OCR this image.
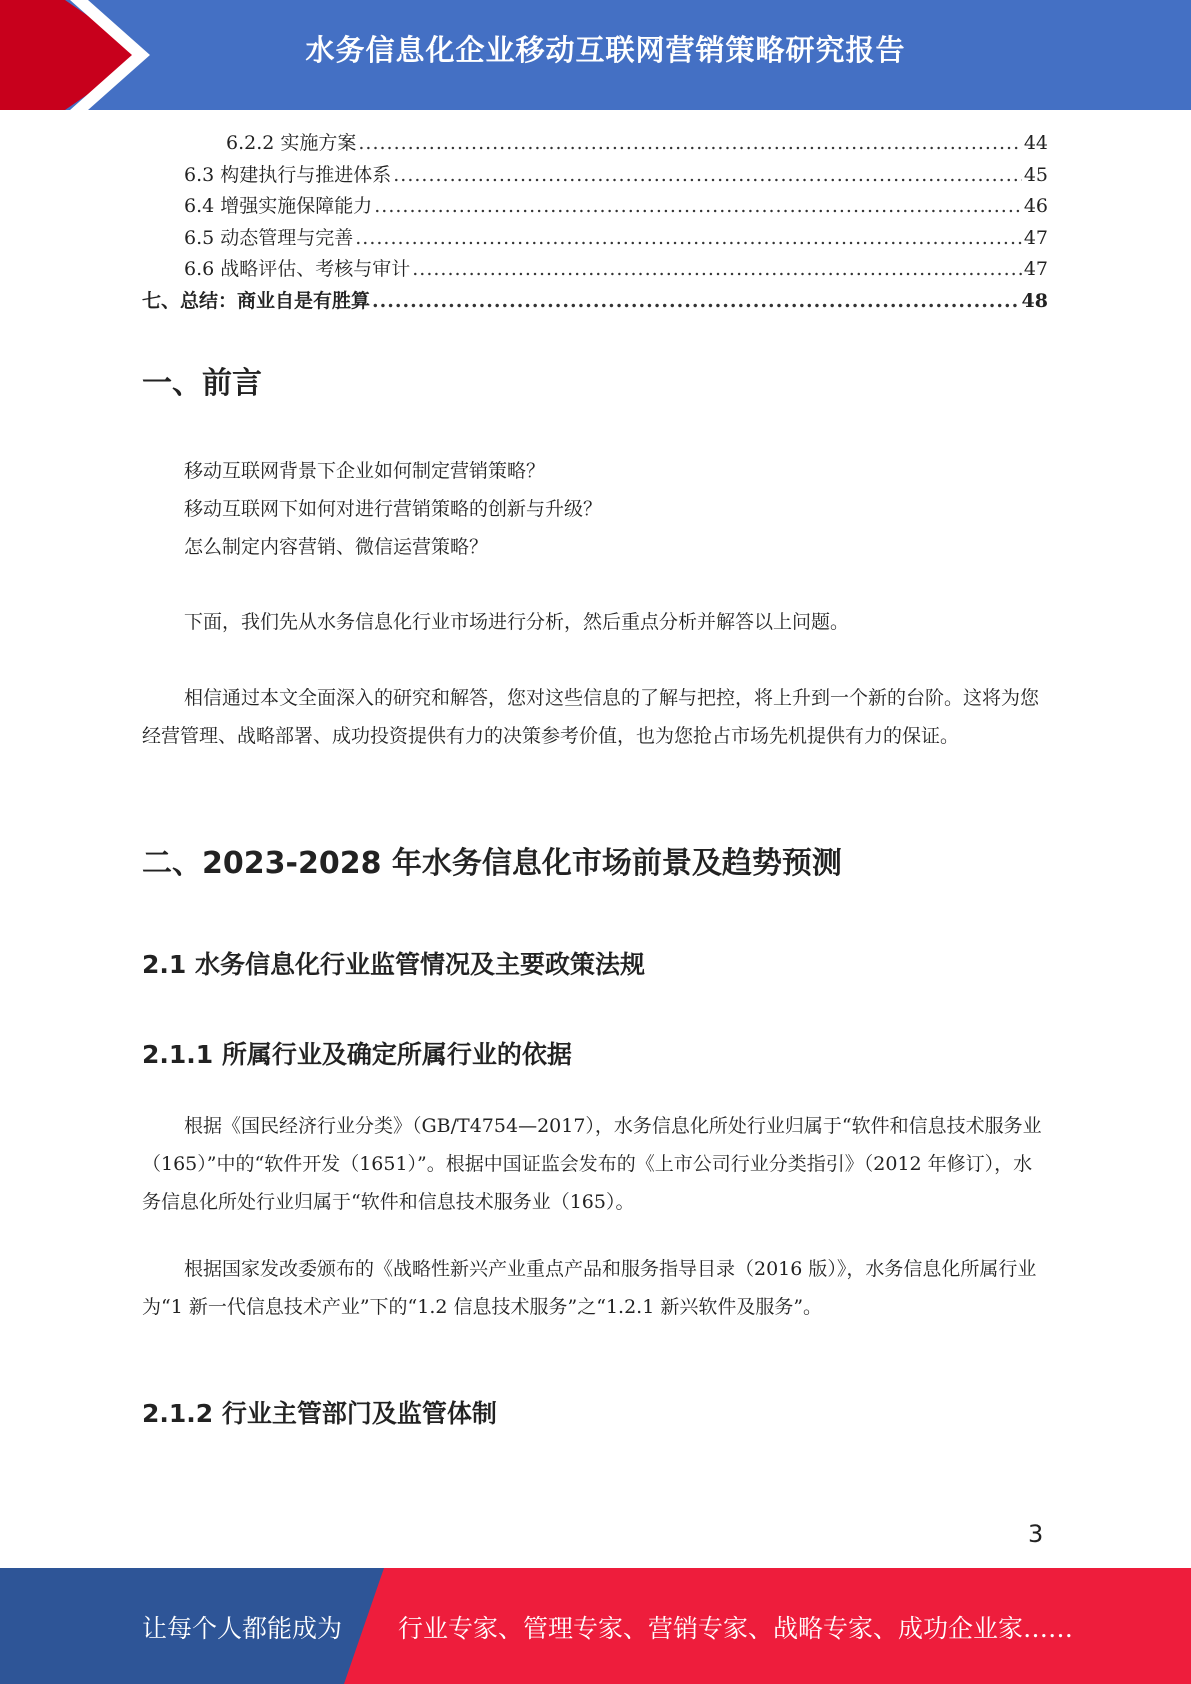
水务信息化企业移动互联网营销策略研究报告
6.2.2 实施方案 .....	44
6.3 构建执行与推进体系 .....	45
6.4 增强实施保障能力 .....	46
6.5 动态管理与完善 .....	47
6.6 战略评估、考核与审计 .....	47
七、总结：商业自是有胜算 .....	48
一、前言

移动互联网背景下企业如何制定营销策略？

移动互联网下如何对进行营销策略的创新与升级？

怎么制定内容营销、微信运营策略？

下面，我们先从水务信息化行业市场进行分析，然后重点分析并解答以上问题。

相信通过本文全面深入的研究和解答，您对这些信息的了解与把控，将上升到一个新的台阶。这将为您经营管理、战略部署、成功投资提供有力的决策参考价值，也为您抢占市场先机提供有力的保证。

二、2023-2028 年水务信息化市场前景及趋势预测
2.1 水务信息化行业监管情况及主要政策法规
2.1.1 所属行业及确定所属行业的依据

根据《国民经济行业分类》（GB/T4754—2017），水务信息化所处行业归属于“软件和信息技术服务业（165）”中的“软件开发（1651）”。根据中国证监会发布的《上市公司行业分类指引》（2012 年修订），水务信息化所处行业归属于“软件和信息技术服务业（165）。

根据国家发改委颁布的《战略性新兴产业重点产品和服务指导目录（2016 版）》，水务信息化所属行业为“1 新一代信息技术产业”下的“1.2 信息技术服务”之“1.2.1 新兴软件及服务”。

2.1.2 行业主管部门及监管体制
3
让每个人都能成为 行业专家、管理专家、营销专家、战略专家、成功企业家……
